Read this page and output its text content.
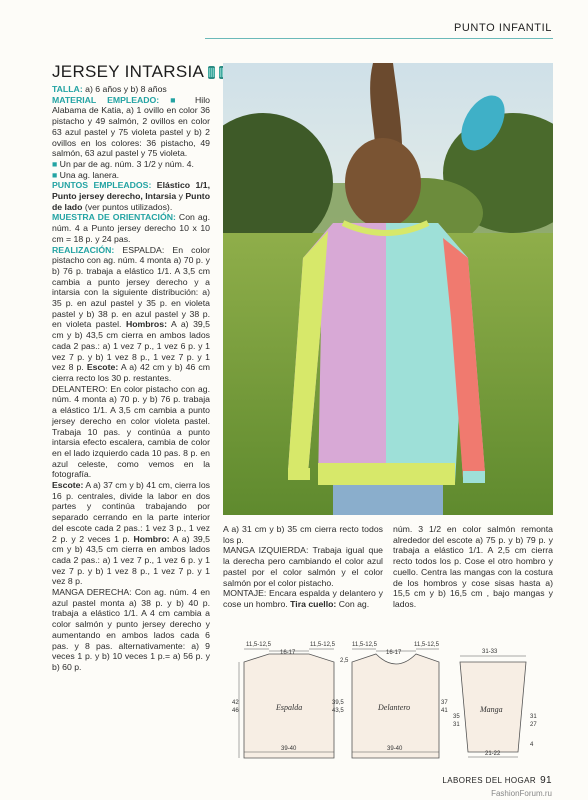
PUNTO INFANTIL
JERSEY INTARSIA

TALLA: a) 6 años y b) 8 años

MATERIAL EMPLEADO: ■ Hilo Alabama de Katia, a) 1 ovillo en color 36 pistacho y 49 salmón, 2 ovillos en color 63 azul pastel y 75 violeta pastel y b) 2 ovillos en los colores: 36 pistacho, 49 salmón, 63 azul pastel y 75 violeta.

■ Un par de ag. núm. 3 1/2 y núm. 4.

■ Una ag. lanera.

PUNTOS EMPLEADOS: Elástico 1/1, Punto jersey derecho, Intarsia y Punto de lado (ver puntos utilizados).

MUESTRA DE ORIENTACIÓN: Con ag. núm. 4 a Punto jersey derecho 10 x 10 cm = 18 p. y 24 pas.

REALIZACIÓN: ESPALDA: En color pistacho con ag. núm. 4 monta a) 70 p. y b) 76 p. trabaja a elástico 1/1. A 3,5 cm cambia a punto jersey derecho y a intarsia con la siguiente distribución: a) 35 p. en azul pastel y 35 p. en violeta pastel y b) 38 p. en azul pastel y 38 p. en violeta pastel. Hombros: A a) 39,5 cm y b) 43,5 cm cierra en ambos lados cada 2 pas.: a) 1 vez 7 p., 1 vez 6 p. y 1 vez 7 p. y b) 1 vez 8 p., 1 vez 7 p. y 1 vez 8 p. Escote: A a) 42 cm y b) 46 cm cierra recto los 30 p. restantes.

DELANTERO: En color pistacho con ag. núm. 4 monta a) 70 p. y b) 76 p. trabaja a elástico 1/1. A 3,5 cm cambia a punto jersey derecho en color violeta pastel. Trabaja 10 pas. y continúa a punto intarsia efecto escalera, cambia de color en el lado izquierdo cada 10 pas. 8 p. en azul celeste, como vemos en la fotografía.

Escote: A a) 37 cm y b) 41 cm, cierra los 16 p. centrales, divide la labor en dos partes y continúa trabajando por separado cerrando en la parte interior del escote cada 2 pas.: 1 vez 3 p., 1 vez 2 p. y 2 veces 1 p. Hombro: A a) 39,5 cm y b) 43,5 cm cierra en ambos lados cada 2 pas.: a) 1 vez 7 p., 1 vez 6 p. y 1 vez 7 p. y b) 1 vez 8 p., 1 vez 7 p. y 1 vez 8 p.

MANGA DERECHA: Con ag. núm. 4 en azul pastel monta a) 38 p. y b) 40 p. trabaja a elástico 1/1. A 4 cm cambia a color salmón y punto jersey derecho y aumentando en ambos lados cada 6 pas. y 8 pas. alternativamente: a) 9 veces 1 p. y b) 10 veces 1 p.= a) 56 p. y b) 60 p.

A a) 31 cm y b) 35 cm cierra recto todos los p.

MANGA IZQUIERDA: Trabaja igual que la derecha pero cambiando el color azul pastel por el color salmón y el color salmón por el color pistacho.

MONTAJE: Encara espalda y delantero y cose un hombro. Tira cuello: Con ag.

núm. 3 1/2 en color salmón remonta alrededor del escote a) 75 p. y b) 79 p. y trabaja a elástico 1/1. A 2,5 cm cierra recto todos los p. Cose el otro hombro y cuello. Centra las mangas con la costura de los hombros y cose sisas hasta a) 15,5 cm y b) 16,5 cm , bajo mangas y lados.

11,5-12,5
16-17
11,5-12,5
42
46	Espalda
39-40
39,5
43,5
11,5-12,5
16-17
11,5-12,5
2,5
Delantero	37
41
39-40
35
31
31-33
Manga
31
27
4
21-22
LABORES DEL HOGAR 91
FashionForum.ru
